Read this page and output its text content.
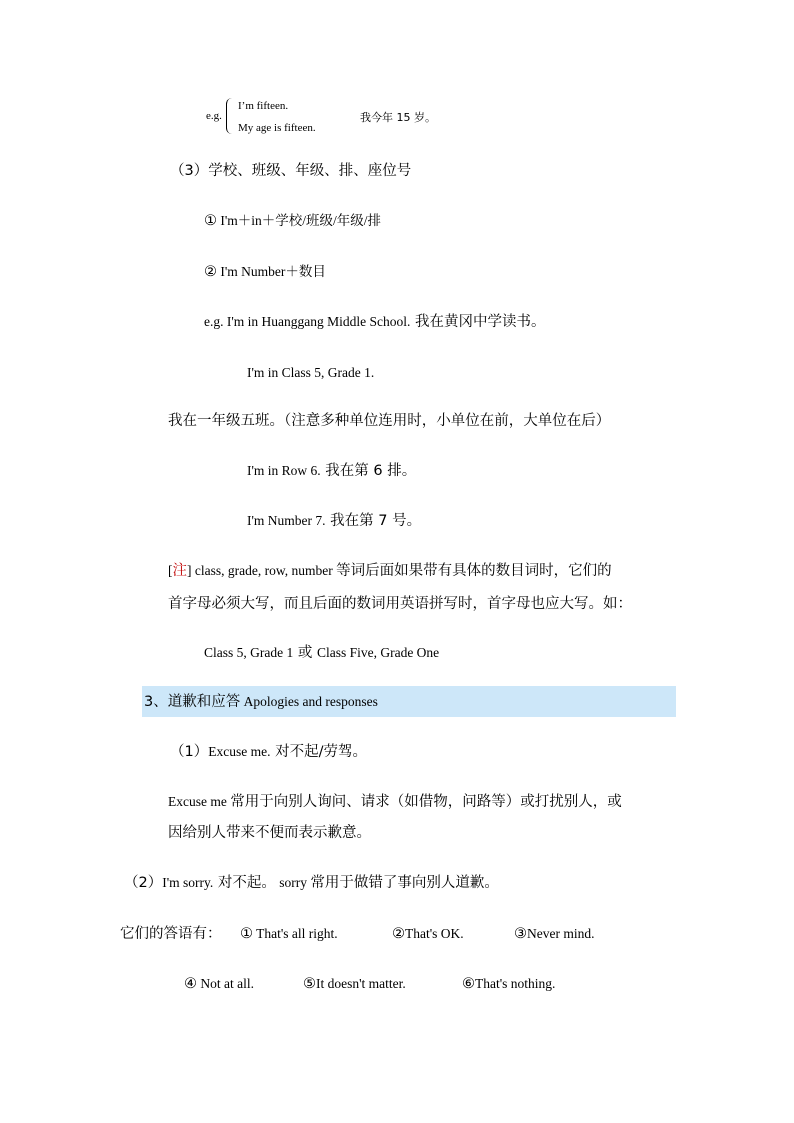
e.g.
I’m fifteen.
My age is fifteen.
我今年 15 岁。
（3）学校、班级、年级、排、座位号
① I'm＋in＋学校/班级/年级/排
② I'm Number＋数目
e.g. I'm in Huanggang Middle School. 我在黄冈中学读书。
I'm in Class 5, Grade 1.
我在一年级五班。（注意多种单位连用时，小单位在前，大单位在后）
I'm in Row 6. 我在第 6 排。
I'm Number 7. 我在第 7 号。
[注] class, grade, row, number 等词后面如果带有具体的数目词时，它们的
首字母必须大写，而且后面的数词用英语拼写时，首字母也应大写。如：
Class 5, Grade 1 或 Class Five, Grade One
3、道歉和应答 Apologies and responses
（1）Excuse me. 对不起/劳驾。
Excuse me 常用于向别人询问、请求（如借物，问路等）或打扰别人，或
因给别人带来不便而表示歉意。
（2）I'm sorry. 对不起。 sorry 常用于做错了事向别人道歉。
它们的答语有： ① That's all right.	②That's OK.	③Never mind.
④ Not at all.	⑤It doesn't matter.	⑥That's nothing.
